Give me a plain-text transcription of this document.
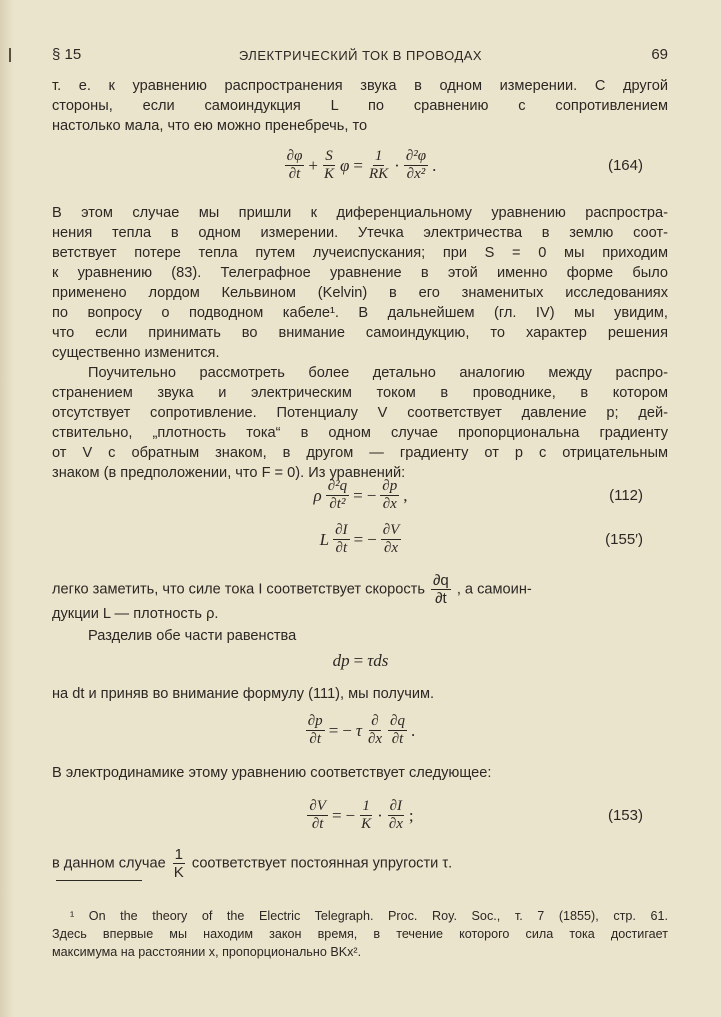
§ 15	ЭЛЕКТРИЧЕСКИЙ ТОК В ПРОВОДАХ	69
т. е. к уравнению распространения звука в одном измерении. С другой
стороны, если самоиндукция L по сравнению с сопротивлением
настолько мала, что ею можно пренебречь, то
$\frac{\partial\varphi}{\partial t} + \frac{S}{K}$ $\varphi = \frac{1}{RK} \cdot \frac{\text{∂²φ}}{\text{∂x²}}$ .	(164)
В этом случае мы пришли к диференциальному уравнению распростра-
нения тепла в одном измерении. Утечка электричества в землю соот-
ветствует потере тепла путем лучеиспускания; при S = 0 мы приходим
к уравнению (83). Телеграфное уравнение в этой именно форме было
применено лордом Кельвином (Kelvin) в его знаменитых исследованиях
по вопросу о подводном кабеле¹. В дальнейшем (гл. IV) мы увидим,
что если принимать во внимание самоиндукцию, то характер решения
существенно изменится.
Поучительно рассмотреть более детально аналогию между распро-
странением звука и электрическим током в проводнике, в котором
отсутствует сопротивление. Потенциалу V соответствует давление p; дей-
ствительно, „плотность тока“ в одном случае пропорциональна градиенту
от V с обратным знаком, в другом — градиенту от p с отрицательным
знаком (в предположении, что F = 0). Из уравнений:
ρ $\frac{\text{∂²q}}{\text{∂t²}}$ = − $\frac{\partial p}{\partial x}$ ,	(112)
L $\frac{\partial I}{\partial t}$ = − $\frac{\partial V}{\partial x}$	(155′)
легко заметить, что силе тока I соответствует скорость $\frac{\partial q}{\partial t}$ , а самоин-
дукции L — плотность ρ.
Разделив обе части равенства
dp = τds
на dt и приняв во внимание формулу (111), мы получим.
$\frac{\partial p}{\partial t}$ = − τ $\frac{\partial}{\partial x} \frac{\partial q}{\partial t}$ .
В электродинамике этому уравнению соответствует следующее:
$\frac{\partial V}{\partial t}$ = − $\frac{1}{K} \cdot \frac{\partial I}{\partial x}$ ;	(153)
в данном случае $\frac{1}{K}$ соответствует постоянная упругости τ.
¹ On the theory of the Electric Telegraph. Proc. Roy. Soc., т. 7 (1855), стр. 61.
Здесь впервые мы находим закон время, в течение которого сила тока достигает
максимума на расстоянии x, пропорционально BKx².
